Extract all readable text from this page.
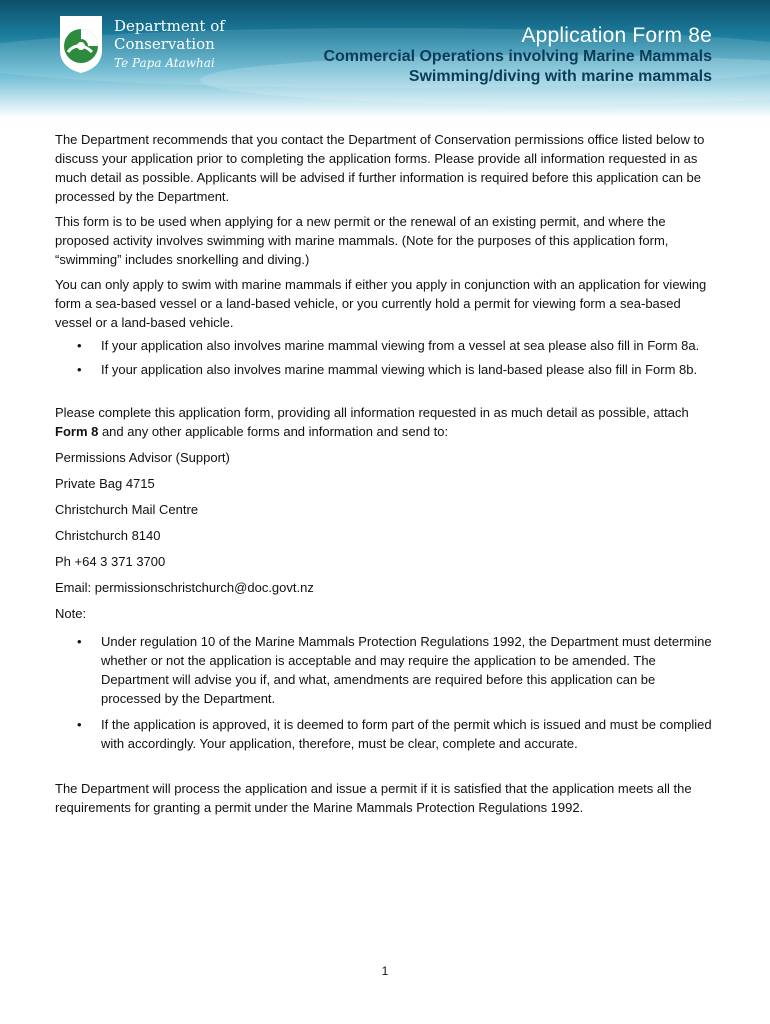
Department of
Conservation
Te Papa Atawhai
Application Form 8e
Commercial Operations involving Marine Mammals
Swimming/diving with marine mammals

The Department recommends that you contact the Department of Conservation permissions office listed below to discuss your application prior to completing the application forms. Please provide all information requested in as much detail as possible. Applicants will be advised if further information is required before this application can be processed by the Department.

This form is to be used when applying for a new permit or the renewal of an existing permit, and where the proposed activity involves swimming with marine mammals. (Note for the purposes of this application form, “swimming” includes snorkelling and diving.)

You can only apply to swim with marine mammals if either you apply in conjunction with an application for viewing form a sea-based vessel or a land-based vehicle, or you currently hold a permit for viewing form a sea-based vessel or a land-based vehicle.

•	If your application also involves marine mammal viewing from a vessel at sea please also fill in Form 8a.
•	If your application also involves marine mammal viewing which is land-based please also fill in Form 8b.

Please complete this application form, providing all information requested in as much detail as possible, attach Form 8 and any other applicable forms and information and send to:

Permissions Advisor (Support)

Private Bag 4715

Christchurch Mail Centre

Christchurch 8140

Ph +64 3 371 3700

Email: permissionschristchurch@doc.govt.nz

Note:

•	Under regulation 10 of the Marine Mammals Protection Regulations 1992, the Department must determine whether or not the application is acceptable and may require the application to be amended. The Department will advise you if, and what, amendments are required before this application can be processed by the Department.
•	If the application is approved, it is deemed to form part of the permit which is issued and must be complied with accordingly. Your application, therefore, must be clear, complete and accurate.

The Department will process the application and issue a permit if it is satisfied that the application meets all the requirements for granting a permit under the Marine Mammals Protection Regulations 1992.

1
